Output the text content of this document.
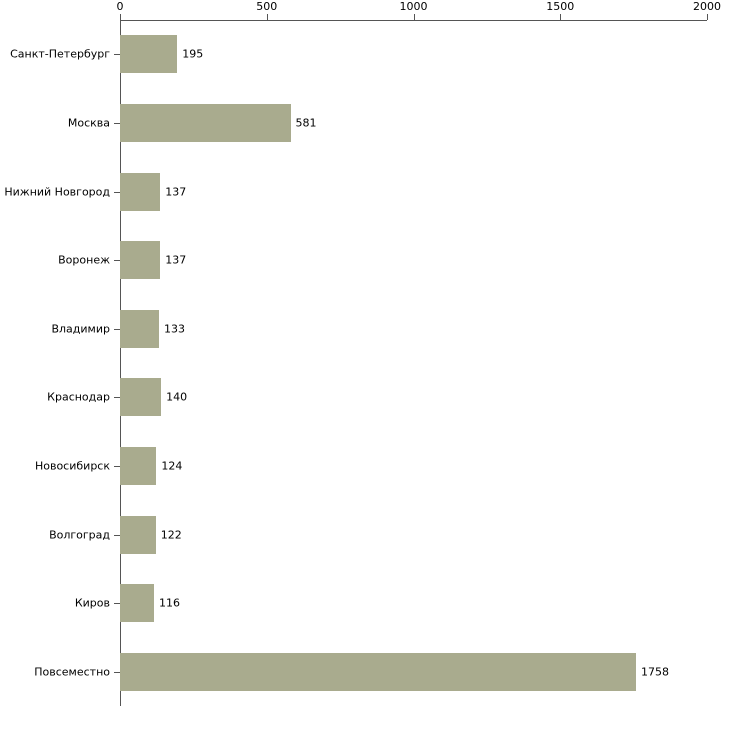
0	500	1000	1500	2000
Санкт-Петербург
Москва
Нижний Новгород
Воронеж
Владимир
Краснодар
Новосибирск
Волгоград
Киров
Повсеместно
195
581
137
137
133
140
124
122
116
1758
